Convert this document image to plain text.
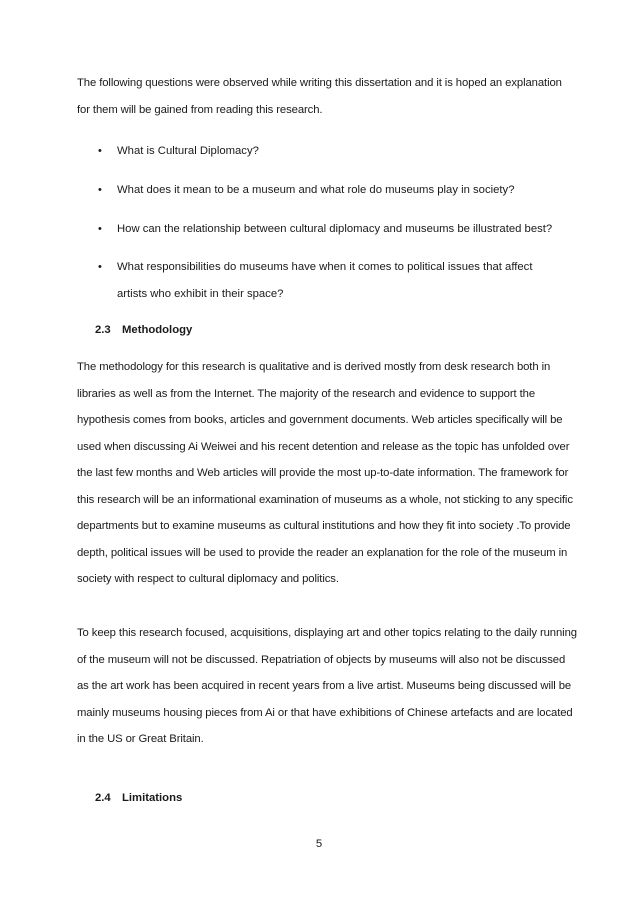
The following questions were observed while writing this dissertation and it is hoped an explanation for them will be gained from reading this research.

• What is Cultural Diplomacy?
• What does it mean to be a museum and what role do museums play in society?
• How can the relationship between cultural diplomacy and museums be illustrated best?
• What responsibilities do museums have when it comes to political issues that affect artists who exhibit in their space?

2.3 Methodology

The methodology for this research is qualitative and is derived mostly from desk research both in libraries as well as from the Internet. The majority of the research and evidence to support the hypothesis comes from books, articles and government documents. Web articles specifically will be used when discussing Ai Weiwei and his recent detention and release as the topic has unfolded over the last few months and Web articles will provide the most up-to-date information. The framework for this research will be an informational examination of museums as a whole, not sticking to any specific departments but to examine museums as cultural institutions and how they fit into society .To provide depth, political issues will be used to provide the reader an explanation for the role of the museum in society with respect to cultural diplomacy and politics.

To keep this research focused, acquisitions, displaying art and other topics relating to the daily running of the museum will not be discussed. Repatriation of objects by museums will also not be discussed as the art work has been acquired in recent years from a live artist. Museums being discussed will be mainly museums housing pieces from Ai or that have exhibitions of Chinese artefacts and are located in the US or Great Britain.

2.4 Limitations

5
